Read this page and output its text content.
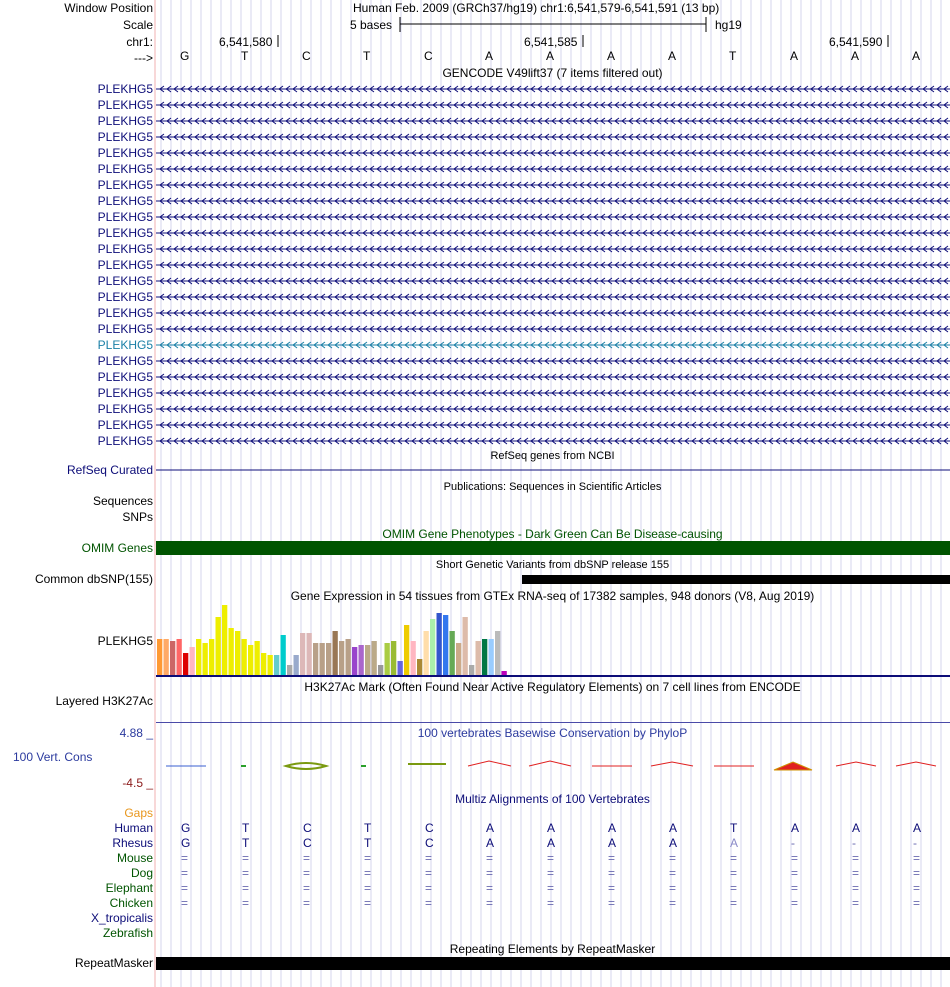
Window Position
Scale
chr1:
--->
Human Feb. 2009 (GRCh37/hg19) chr1:6,541,579-6,541,591 (13 bp)
5 bases	hg19
6,541,580	6,541,585	6,541,590
G	T	C	T	C	A	A	A	A	T	A	A	A
GENCODE V49lift37 (7 items filtered out)
PLEKHG5
PLEKHG5
PLEKHG5
PLEKHG5
PLEKHG5
PLEKHG5
PLEKHG5
PLEKHG5
PLEKHG5
PLEKHG5
PLEKHG5
PLEKHG5
PLEKHG5
PLEKHG5
PLEKHG5
PLEKHG5
PLEKHG5
PLEKHG5
PLEKHG5
PLEKHG5
PLEKHG5
PLEKHG5
PLEKHG5
RefSeq genes from NCBI
RefSeq Curated
Publications: Sequences in Scientific Articles
Sequences
SNPs
OMIM Gene Phenotypes - Dark Green Can Be Disease-causing
OMIM Genes
Short Genetic Variants from dbSNP release 155
Common dbSNP(155)
Gene Expression in 54 tissues from GTEx RNA-seq of 17382 samples, 948 donors (V8, Aug 2019)
PLEKHG5
H3K27Ac Mark (Often Found Near Active Regulatory Elements) on 7 cell lines from ENCODE
Layered H3K27Ac
100 vertebrates Basewise Conservation by PhyloP
4.88 _
100 Vert. Cons
-4.5 _
Multiz Alignments of 100 Vertebrates
Gaps
Human G	T	C	T	C	A	A	A	A	T	A	A	A
Rhesus G	T	C	T	C	A	A	A	A	A	-	-	-
Mouse =	=	=	=	=	=	=	=	=	=	=	=	=
Dog =	=	=	=	=	=	=	=	=	=	=	=	=
Elephant =	=	=	=	=	=	=	=	=	=	=	=	=
Chicken =	=	=	=	=	=	=	=	=	=	=	=	=
X_tropicalis
Zebrafish
Repeating Elements by RepeatMasker
RepeatMasker
